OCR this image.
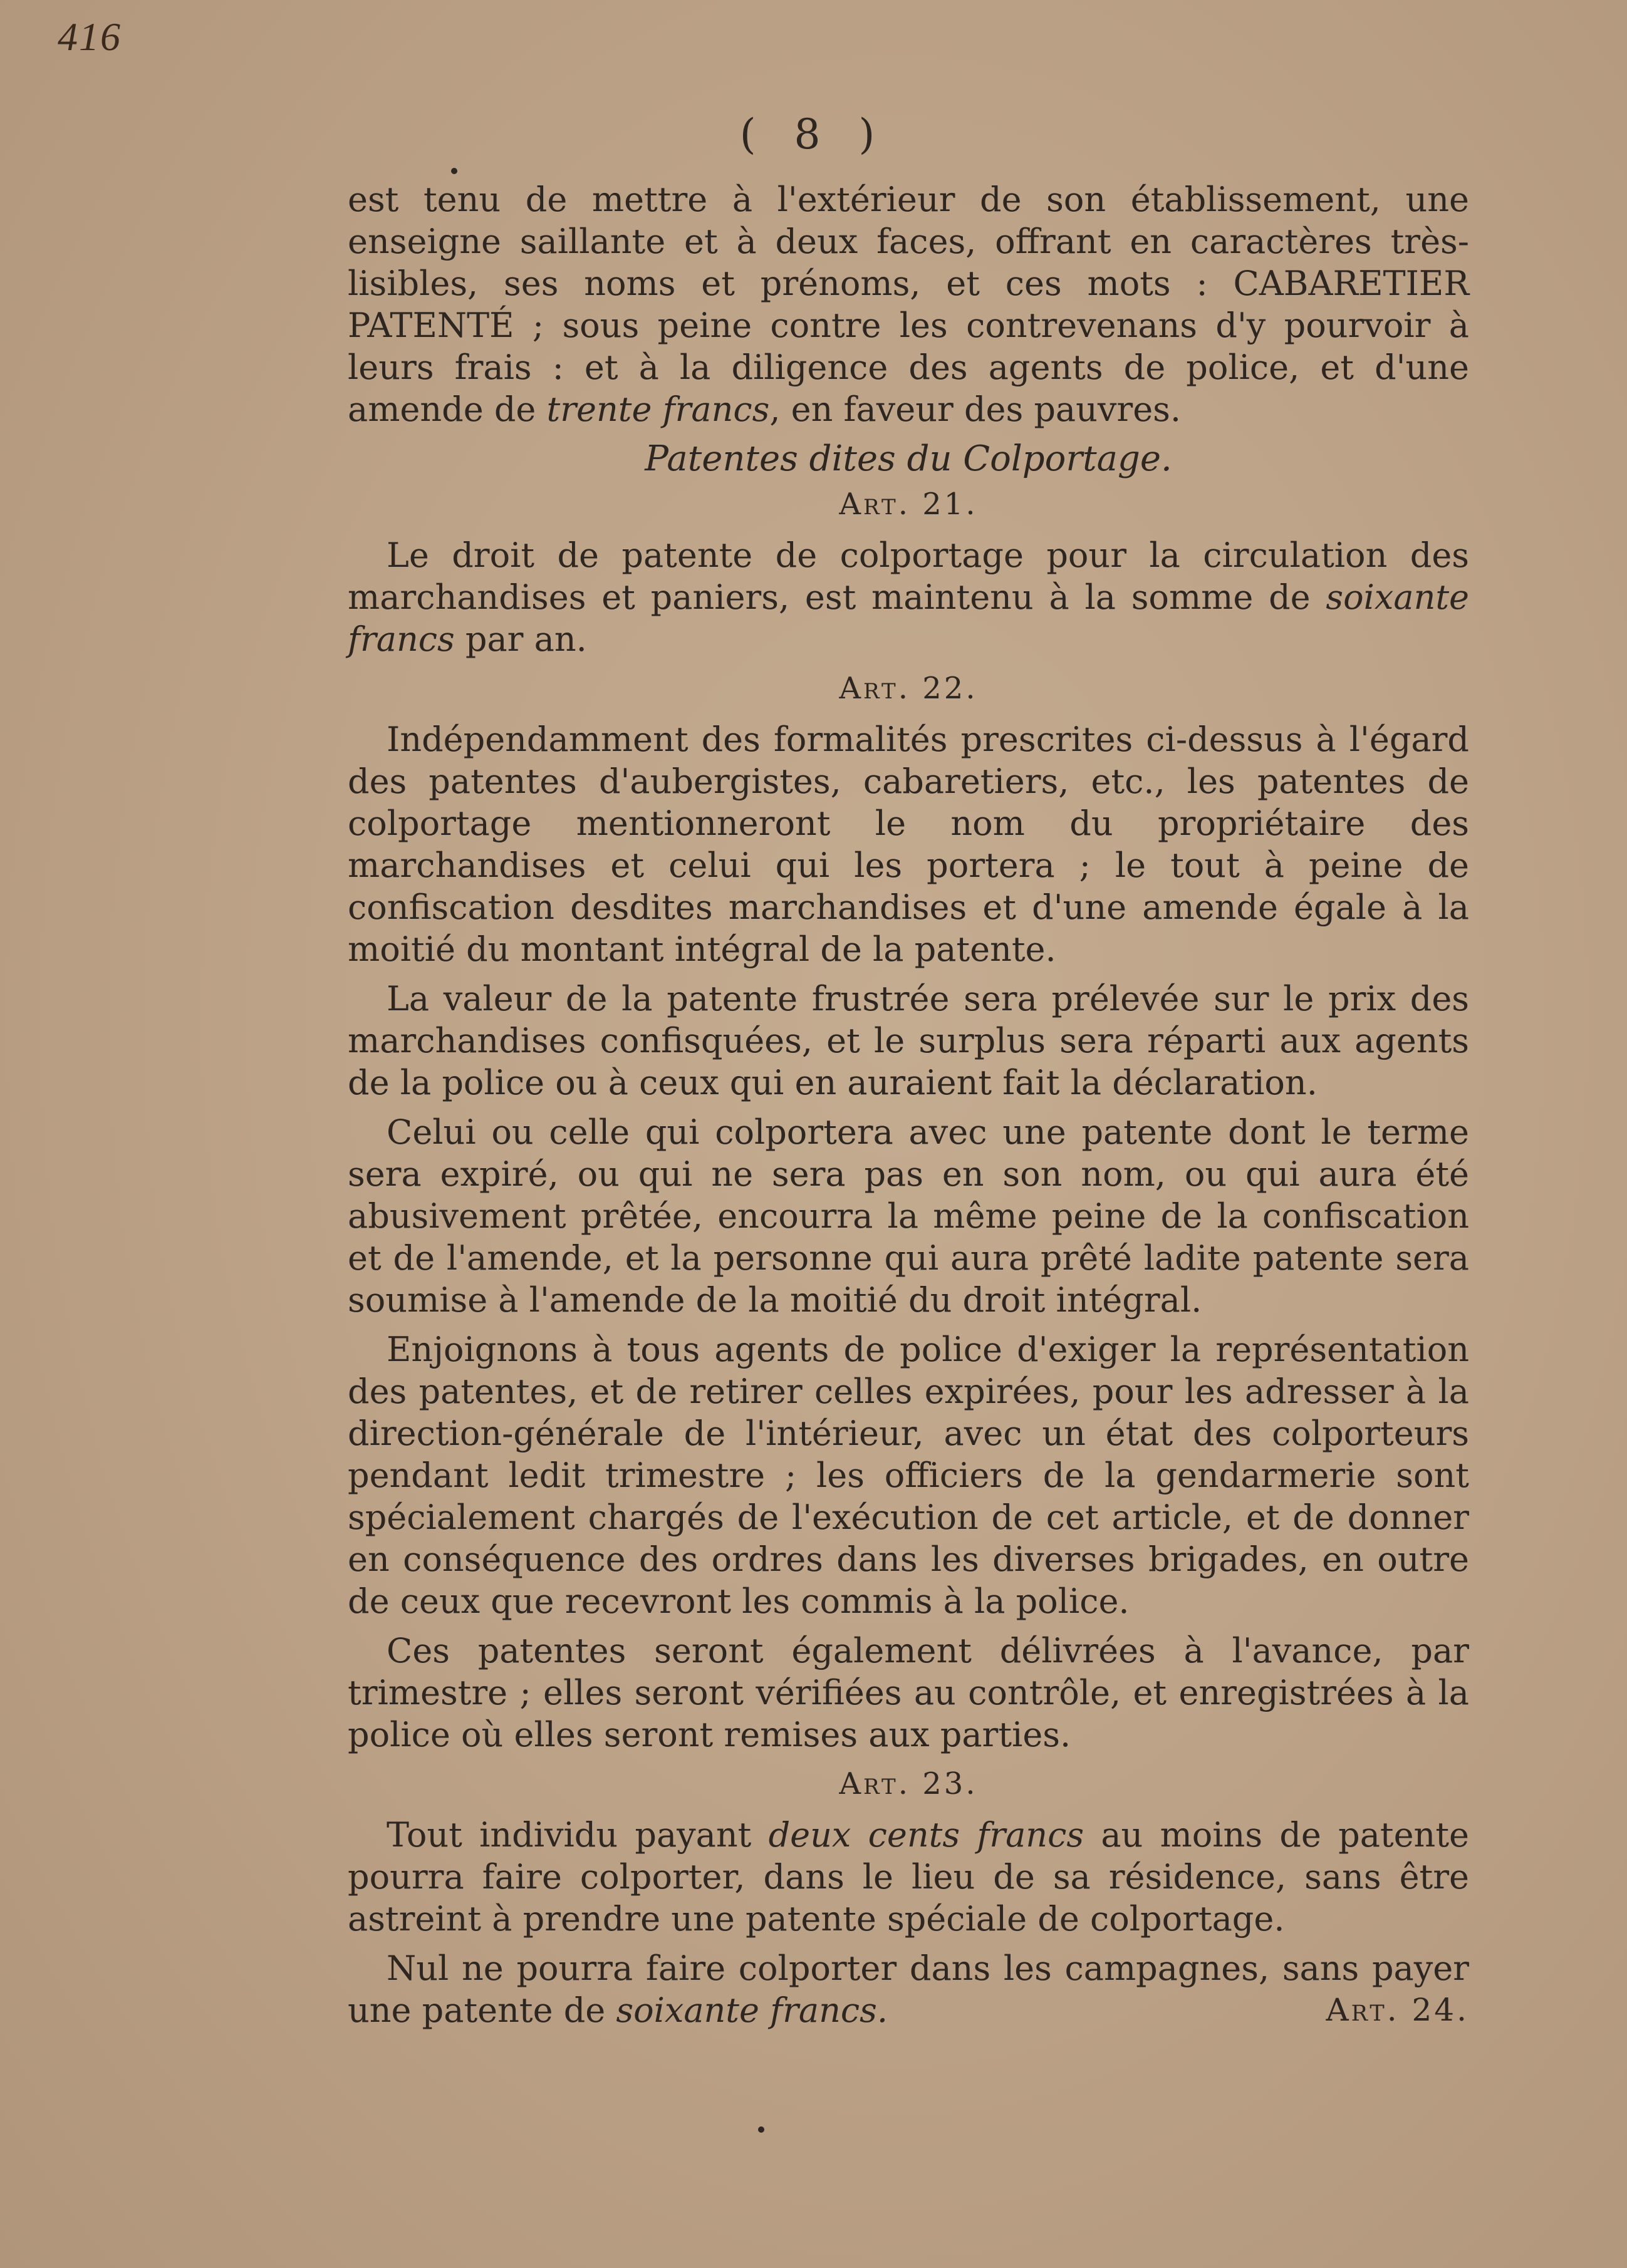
416
( 8 )

est tenu de mettre à l'extérieur de son établissement, une enseigne saillante et à deux faces, offrant en caractères très-lisibles, ses noms et prénoms, et ces mots : CABARETIER PATENTÉ ; sous peine contre les contrevenans d'y pourvoir à leurs frais : et à la diligence des agents de police, et d'une amende de trente francs, en faveur des pauvres.

Patentes dites du Colportage.
Art. 21.

Le droit de patente de colportage pour la circulation des marchandises et paniers, est maintenu à la somme de soixante francs par an.

Art. 22.

Indépendamment des formalités prescrites ci-dessus à l'égard des patentes d'aubergistes, cabaretiers, etc., les patentes de colportage mentionneront le nom du propriétaire des marchandises et celui qui les portera ; le tout à peine de confiscation desdites marchandises et d'une amende égale à la moitié du montant intégral de la patente.

La valeur de la patente frustrée sera prélevée sur le prix des marchandises confisquées, et le surplus sera réparti aux agents de la police ou à ceux qui en auraient fait la déclaration.

Celui ou celle qui colportera avec une patente dont le terme sera expiré, ou qui ne sera pas en son nom, ou qui aura été abusivement prêtée, encourra la même peine de la confiscation et de l'amende, et la personne qui aura prêté ladite patente sera soumise à l'amende de la moitié du droit intégral.

Enjoignons à tous agents de police d'exiger la représentation des patentes, et de retirer celles expirées, pour les adresser à la direction-générale de l'intérieur, avec un état des colporteurs pendant ledit trimestre ; les officiers de la gendarmerie sont spécialement chargés de l'exécution de cet article, et de donner en conséquence des ordres dans les diverses brigades, en outre de ceux que recevront les commis à la police.

Ces patentes seront également délivrées à l'avance, par trimestre ; elles seront vérifiées au contrôle, et enregistrées à la police où elles seront remises aux parties.

Art. 23.

Tout individu payant deux cents francs au moins de patente pourra faire colporter, dans le lieu de sa résidence, sans être astreint à prendre une patente spéciale de colportage.

Nul ne pourra faire colporter dans les campagnes, sans payer une patente de soixante francs.	Art. 24.
